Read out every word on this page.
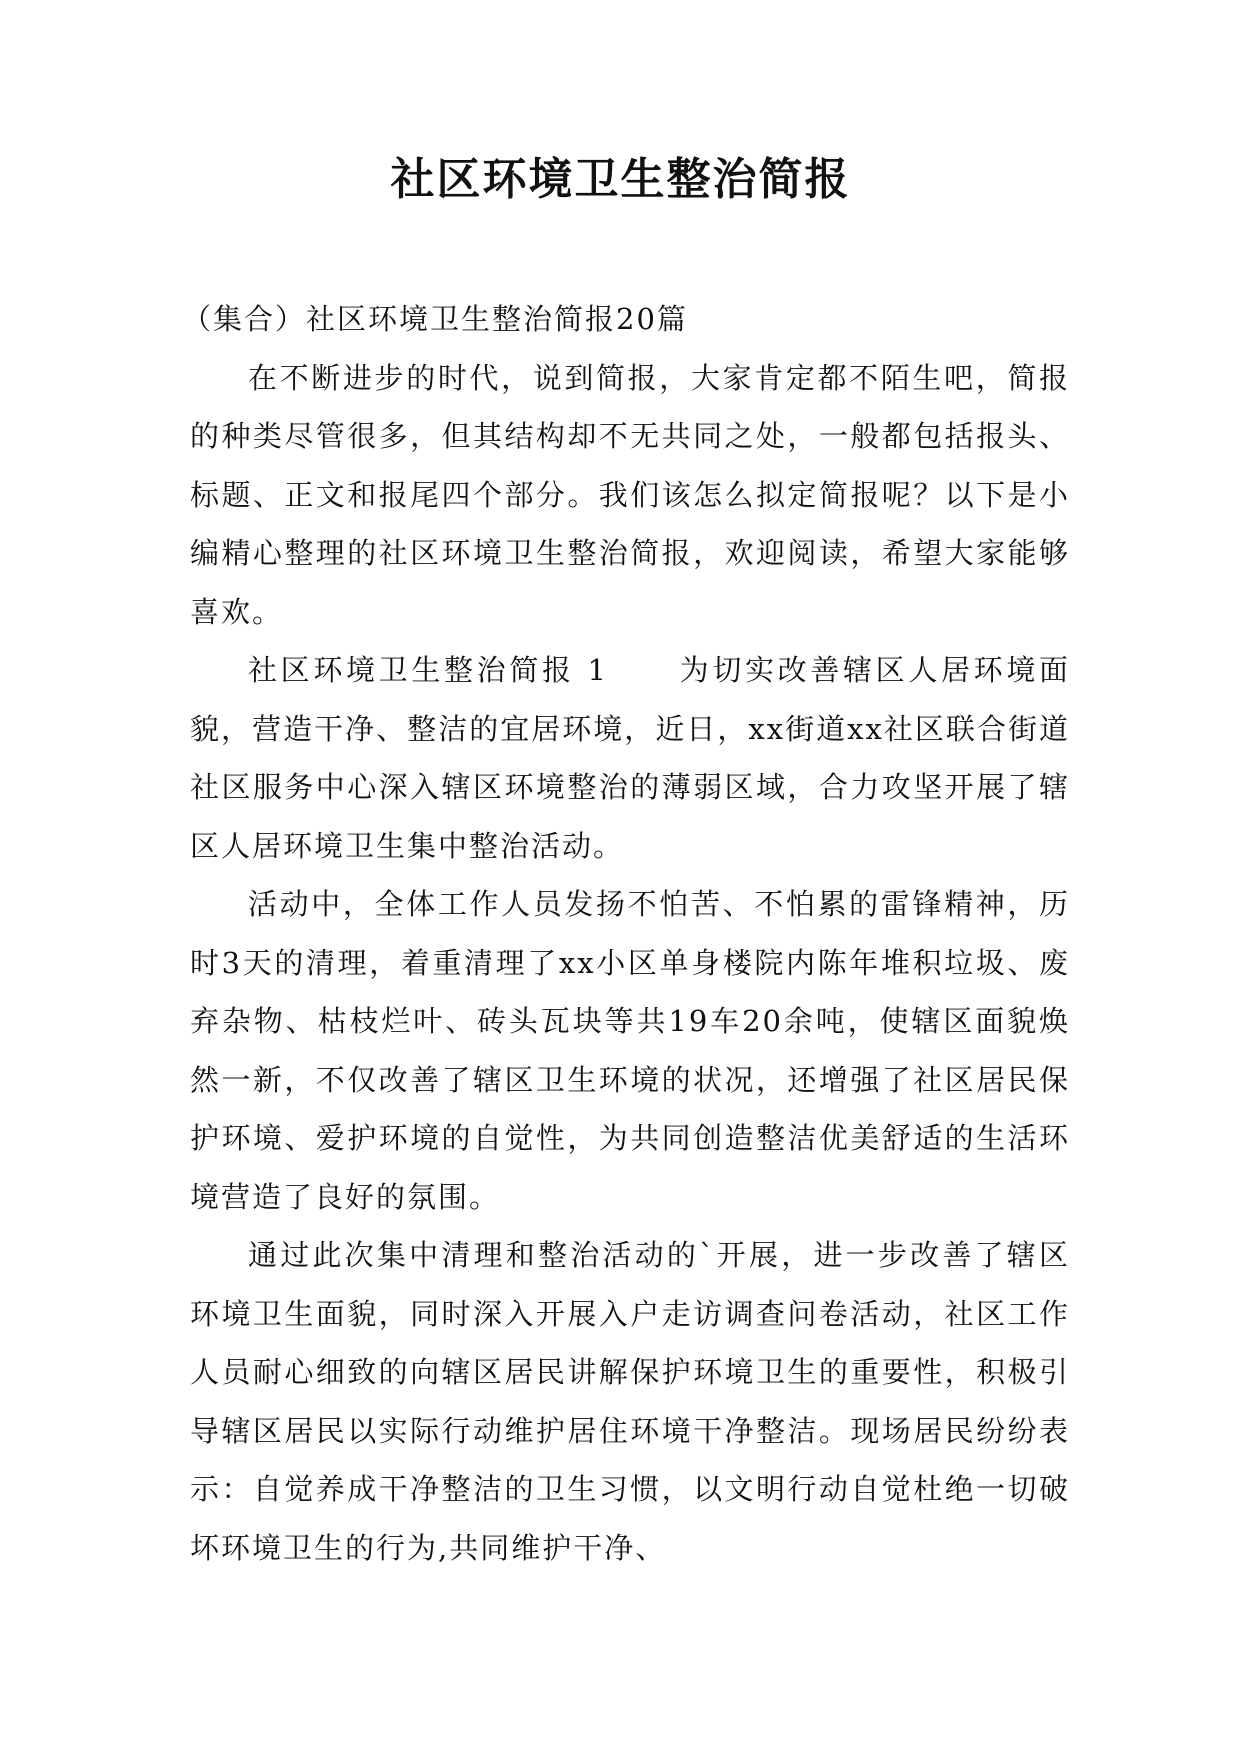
社区环境卫生整治简报

（集合）社区环境卫生整治简报20篇

在不断进步的时代，说到简报，大家肯定都不陌生吧，简报的种类尽管很多，但其结构却不无共同之处，一般都包括报头、标题、正文和报尾四个部分。我们该怎么拟定简报呢？以下是小编精心整理的社区环境卫生整治简报，欢迎阅读，希望大家能够喜欢。

社区环境卫生整治简报 1 为切实改善辖区人居环境面貌，营造干净、整洁的宜居环境，近日，xx街道xx社区联合街道社区服务中心深入辖区环境整治的薄弱区域，合力攻坚开展了辖区人居环境卫生集中整治活动。

活动中，全体工作人员发扬不怕苦、不怕累的雷锋精神，历时3天的清理，着重清理了xx小区单身楼院内陈年堆积垃圾、废弃杂物、枯枝烂叶、砖头瓦块等共19车20余吨，使辖区面貌焕然一新，不仅改善了辖区卫生环境的状况，还增强了社区居民保护环境、爱护环境的自觉性，为共同创造整洁优美舒适的生活环境营造了良好的氛围。

通过此次集中清理和整治活动的`开展，进一步改善了辖区环境卫生面貌，同时深入开展入户走访调查问卷活动，社区工作人员耐心细致的向辖区居民讲解保护环境卫生的重要性，积极引导辖区居民以实际行动维护居住环境干净整洁。现场居民纷纷表示：自觉养成干净整洁的卫生习惯，以文明行动自觉杜绝一切破坏环境卫生的行为,共同维护干净、
